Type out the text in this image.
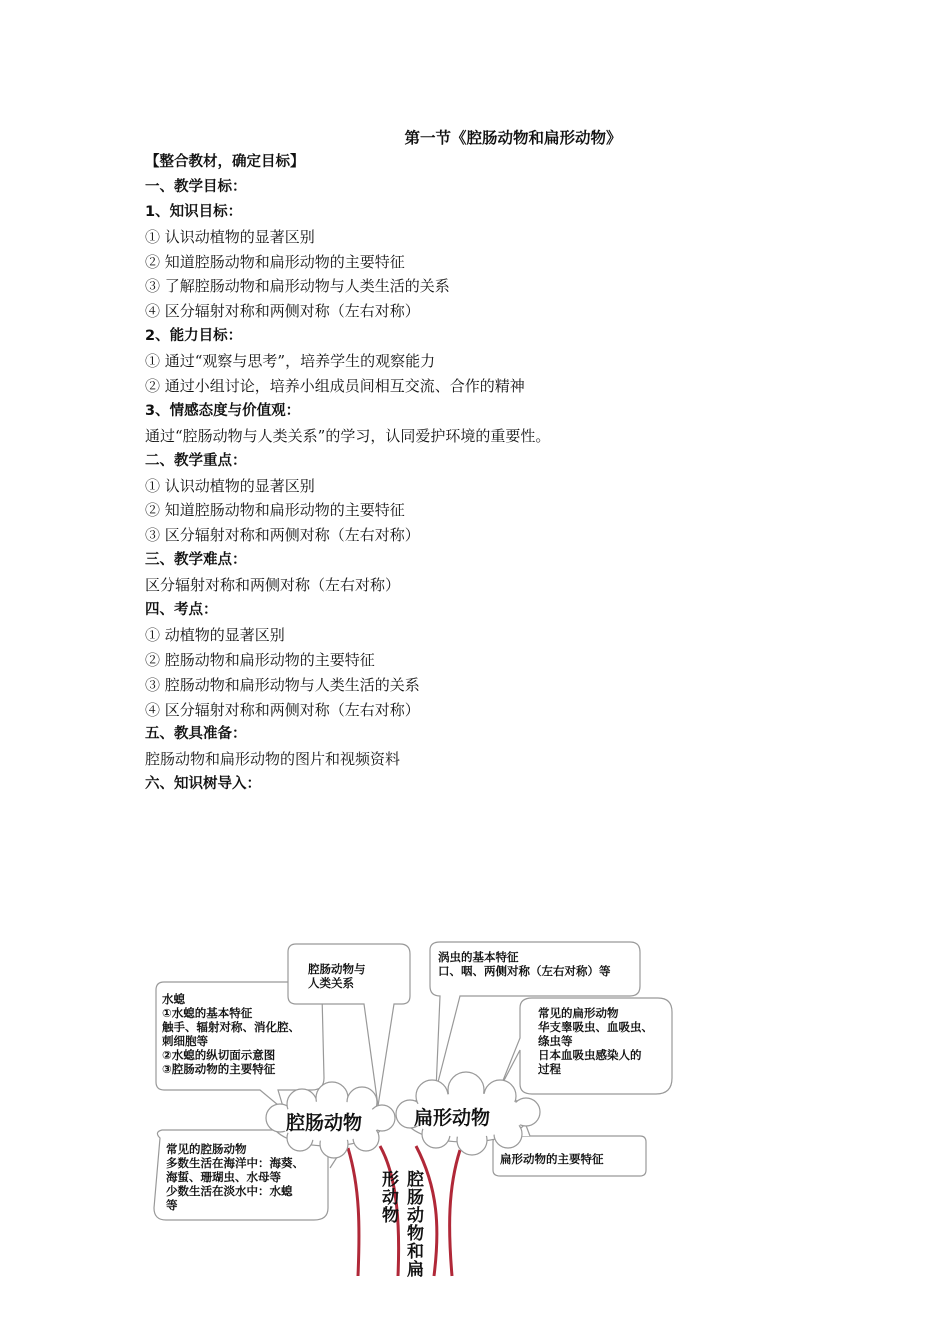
第一节《腔肠动物和扁形动物》
【整合教材，确定目标】
一、教学目标：
1、知识目标：
① 认识动植物的显著区别
② 知道腔肠动物和扁形动物的主要特征
③ 了解腔肠动物和扁形动物与人类生活的关系
④ 区分辐射对称和两侧对称（左右对称）
2、能力目标：
① 通过“观察与思考”，培养学生的观察能力
② 通过小组讨论，培养小组成员间相互交流、合作的精神
3、情感态度与价值观：
通过“腔肠动物与人类关系”的学习，认同爱护环境的重要性。
二、教学重点：
① 认识动植物的显著区别
② 知道腔肠动物和扁形动物的主要特征
③ 区分辐射对称和两侧对称（左右对称）
三、教学难点：
区分辐射对称和两侧对称（左右对称）
四、考点：
① 动植物的显著区别
② 腔肠动物和扁形动物的主要特征
③ 腔肠动物和扁形动物与人类生活的关系
④ 区分辐射对称和两侧对称（左右对称）
五、教具准备：
腔肠动物和扁形动物的图片和视频资料
六、知识树导入：
腔肠动物	扁形动物
腔肠动物和扁形动物
水螅
①水螅的基本特征
触手、辐射对称、消化腔、
刺细胞等
②水螅的纵切面示意图
③腔肠动物的主要特征
腔肠动物与
人类关系
涡虫的基本特征
口、咽、两侧对称（左右对称）等
常见的扁形动物
华支睾吸虫、血吸虫、
绦虫等
日本血吸虫感染人的
过程
常见的腔肠动物
多数生活在海洋中：海葵、
海蜇、珊瑚虫、水母等
少数生活在淡水中：水螅
等
扁形动物的主要特征
